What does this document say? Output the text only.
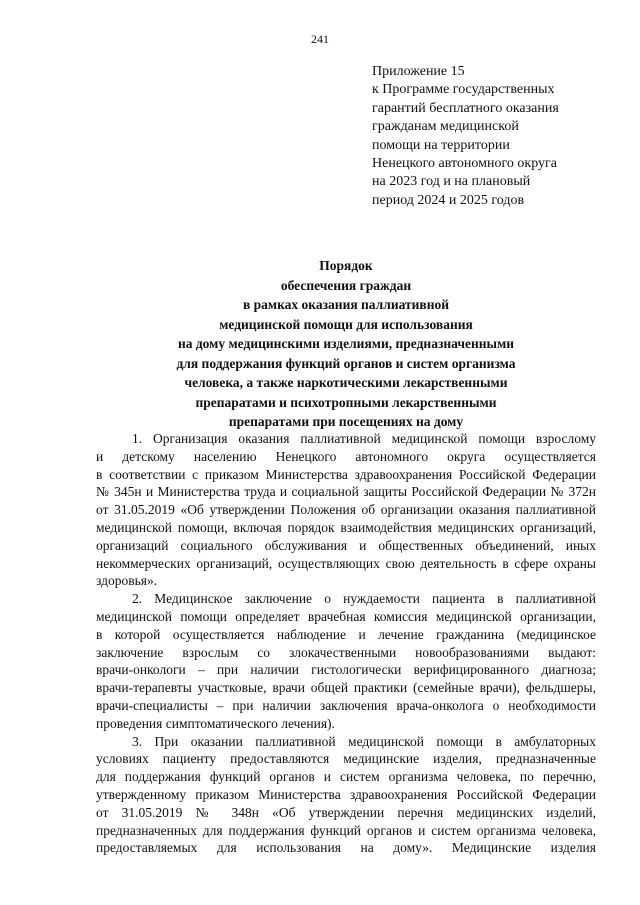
241
Приложение 15
к Программе государственных
гарантий бесплатного оказания
гражданам медицинской
помощи на территории
Ненецкого автономного округа
на 2023 год и на плановый
период 2024 и 2025 годов
Порядок
обеспечения граждан
в рамках оказания паллиативной
медицинской помощи для использования
на дому медицинскими изделиями, предназначенными
для поддержания функций органов и систем организма
человека, а также наркотическими лекарственными
препаратами и психотропными лекарственными
препаратами при посещениях на дому
1. Организация оказания паллиативной медицинской помощи взрослому
и детскому населению Ненецкого автономного округа осуществляется
в соответствии с приказом Министерства здравоохранения Российской Федерации
№ 345н и Министерства труда и социальной защиты Российской Федерации № 372н
от 31.05.2019 «Об утверждении Положения об организации оказания паллиативной
медицинской помощи, включая порядок взаимодействия медицинских организаций,
организаций социального обслуживания и общественных объединений, иных
некоммерческих организаций, осуществляющих свою деятельность в сфере охраны
здоровья».
2. Медицинское заключение о нуждаемости пациента в паллиативной
медицинской помощи определяет врачебная комиссия медицинской организации,
в которой осуществляется наблюдение и лечение гражданина (медицинское
заключение взрослым со злокачественными новообразованиями выдают:
врачи-онкологи – при наличии гистологически верифицированного диагноза;
врачи-терапевты участковые, врачи общей практики (семейные врачи), фельдшеры,
врачи-специалисты – при наличии заключения врача-онколога о необходимости
проведения симптоматического лечения).
3. При оказании паллиативной медицинской помощи в амбулаторных
условиях пациенту предоставляются медицинские изделия, предназначенные
для поддержания функций органов и систем организма человека, по перечню,
утвержденному приказом Министерства здравоохранения Российской Федерации
от 31.05.2019 № 348н «Об утверждении перечня медицинских изделий,
предназначенных для поддержания функций органов и систем организма человека,
предоставляемых для использования на дому». Медицинские изделия
